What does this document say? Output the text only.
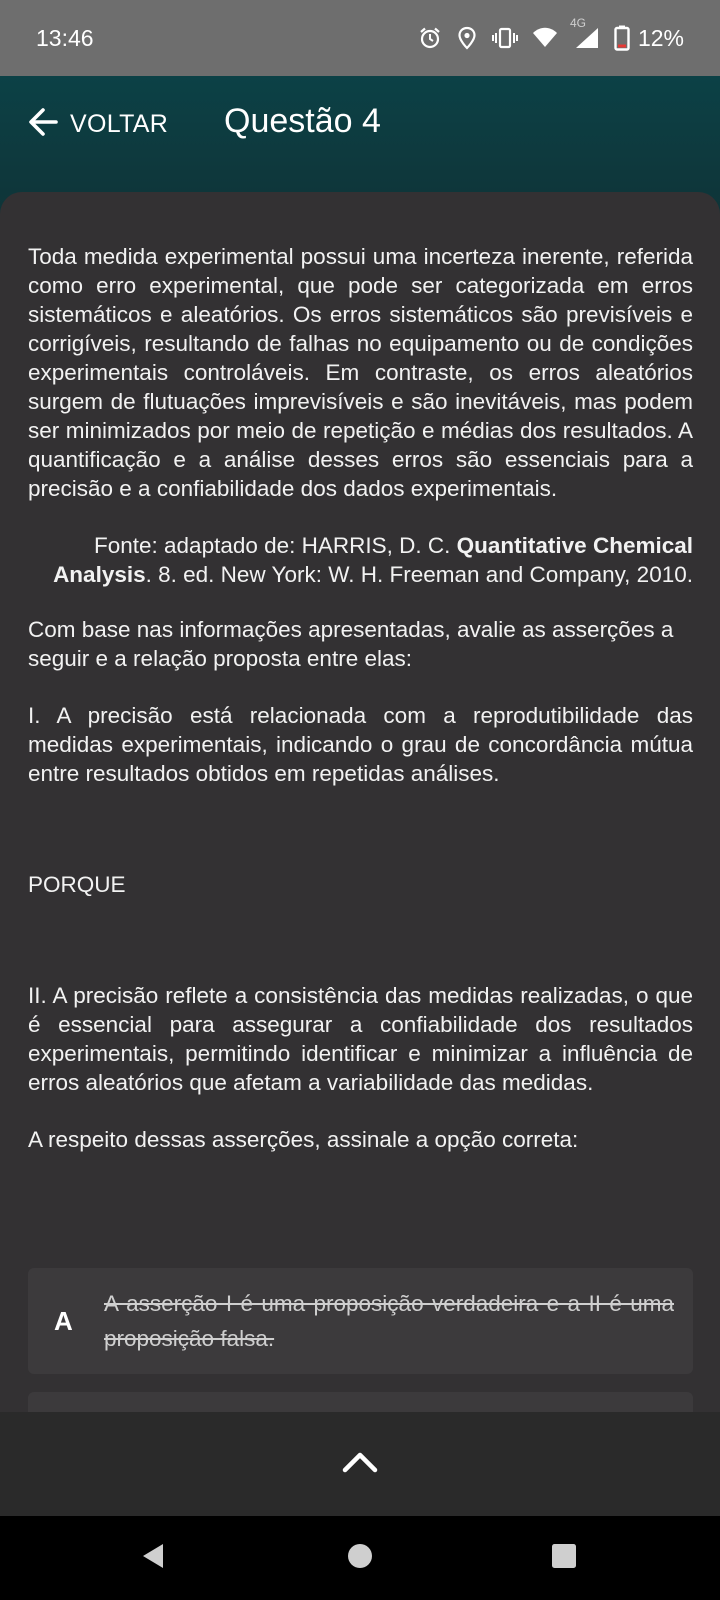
13:46
4G
12%
VOLTAR Questão 4

Toda medida experimental possui uma incerteza inerente, referida como erro experimental, que pode ser categorizada em erros sistemáticos e aleatórios. Os erros sistemáticos são previsíveis e corrigíveis, resultando de falhas no equipamento ou de condições experimentais controláveis. Em contraste, os erros aleatórios surgem de flutuações imprevisíveis e são inevitáveis, mas podem ser minimizados por meio de repetição e médias dos resultados. A quantificação e a análise desses erros são essenciais para a precisão e a confiabilidade dos dados experimentais.

Fonte: adaptado de: HARRIS, D. C. Quantitative Chemical Analysis. 8. ed. New York: W. H. Freeman and Company, 2010.

Com base nas informações apresentadas, avalie as asserções a seguir e a relação proposta entre elas:

I. A precisão está relacionada com a reprodutibilidade das medidas experimentais, indicando o grau de concordância mútua entre resultados obtidos em repetidas análises.

PORQUE

II. A precisão reflete a consistência das medidas realizadas, o que é essencial para assegurar a confiabilidade dos resultados experimentais, permitindo identificar e minimizar a influência de erros aleatórios que afetam a variabilidade das medidas.

A respeito dessas asserções, assinale a opção correta:

A
A asserção I é uma proposição verdadeira e a II é uma proposição falsa.
